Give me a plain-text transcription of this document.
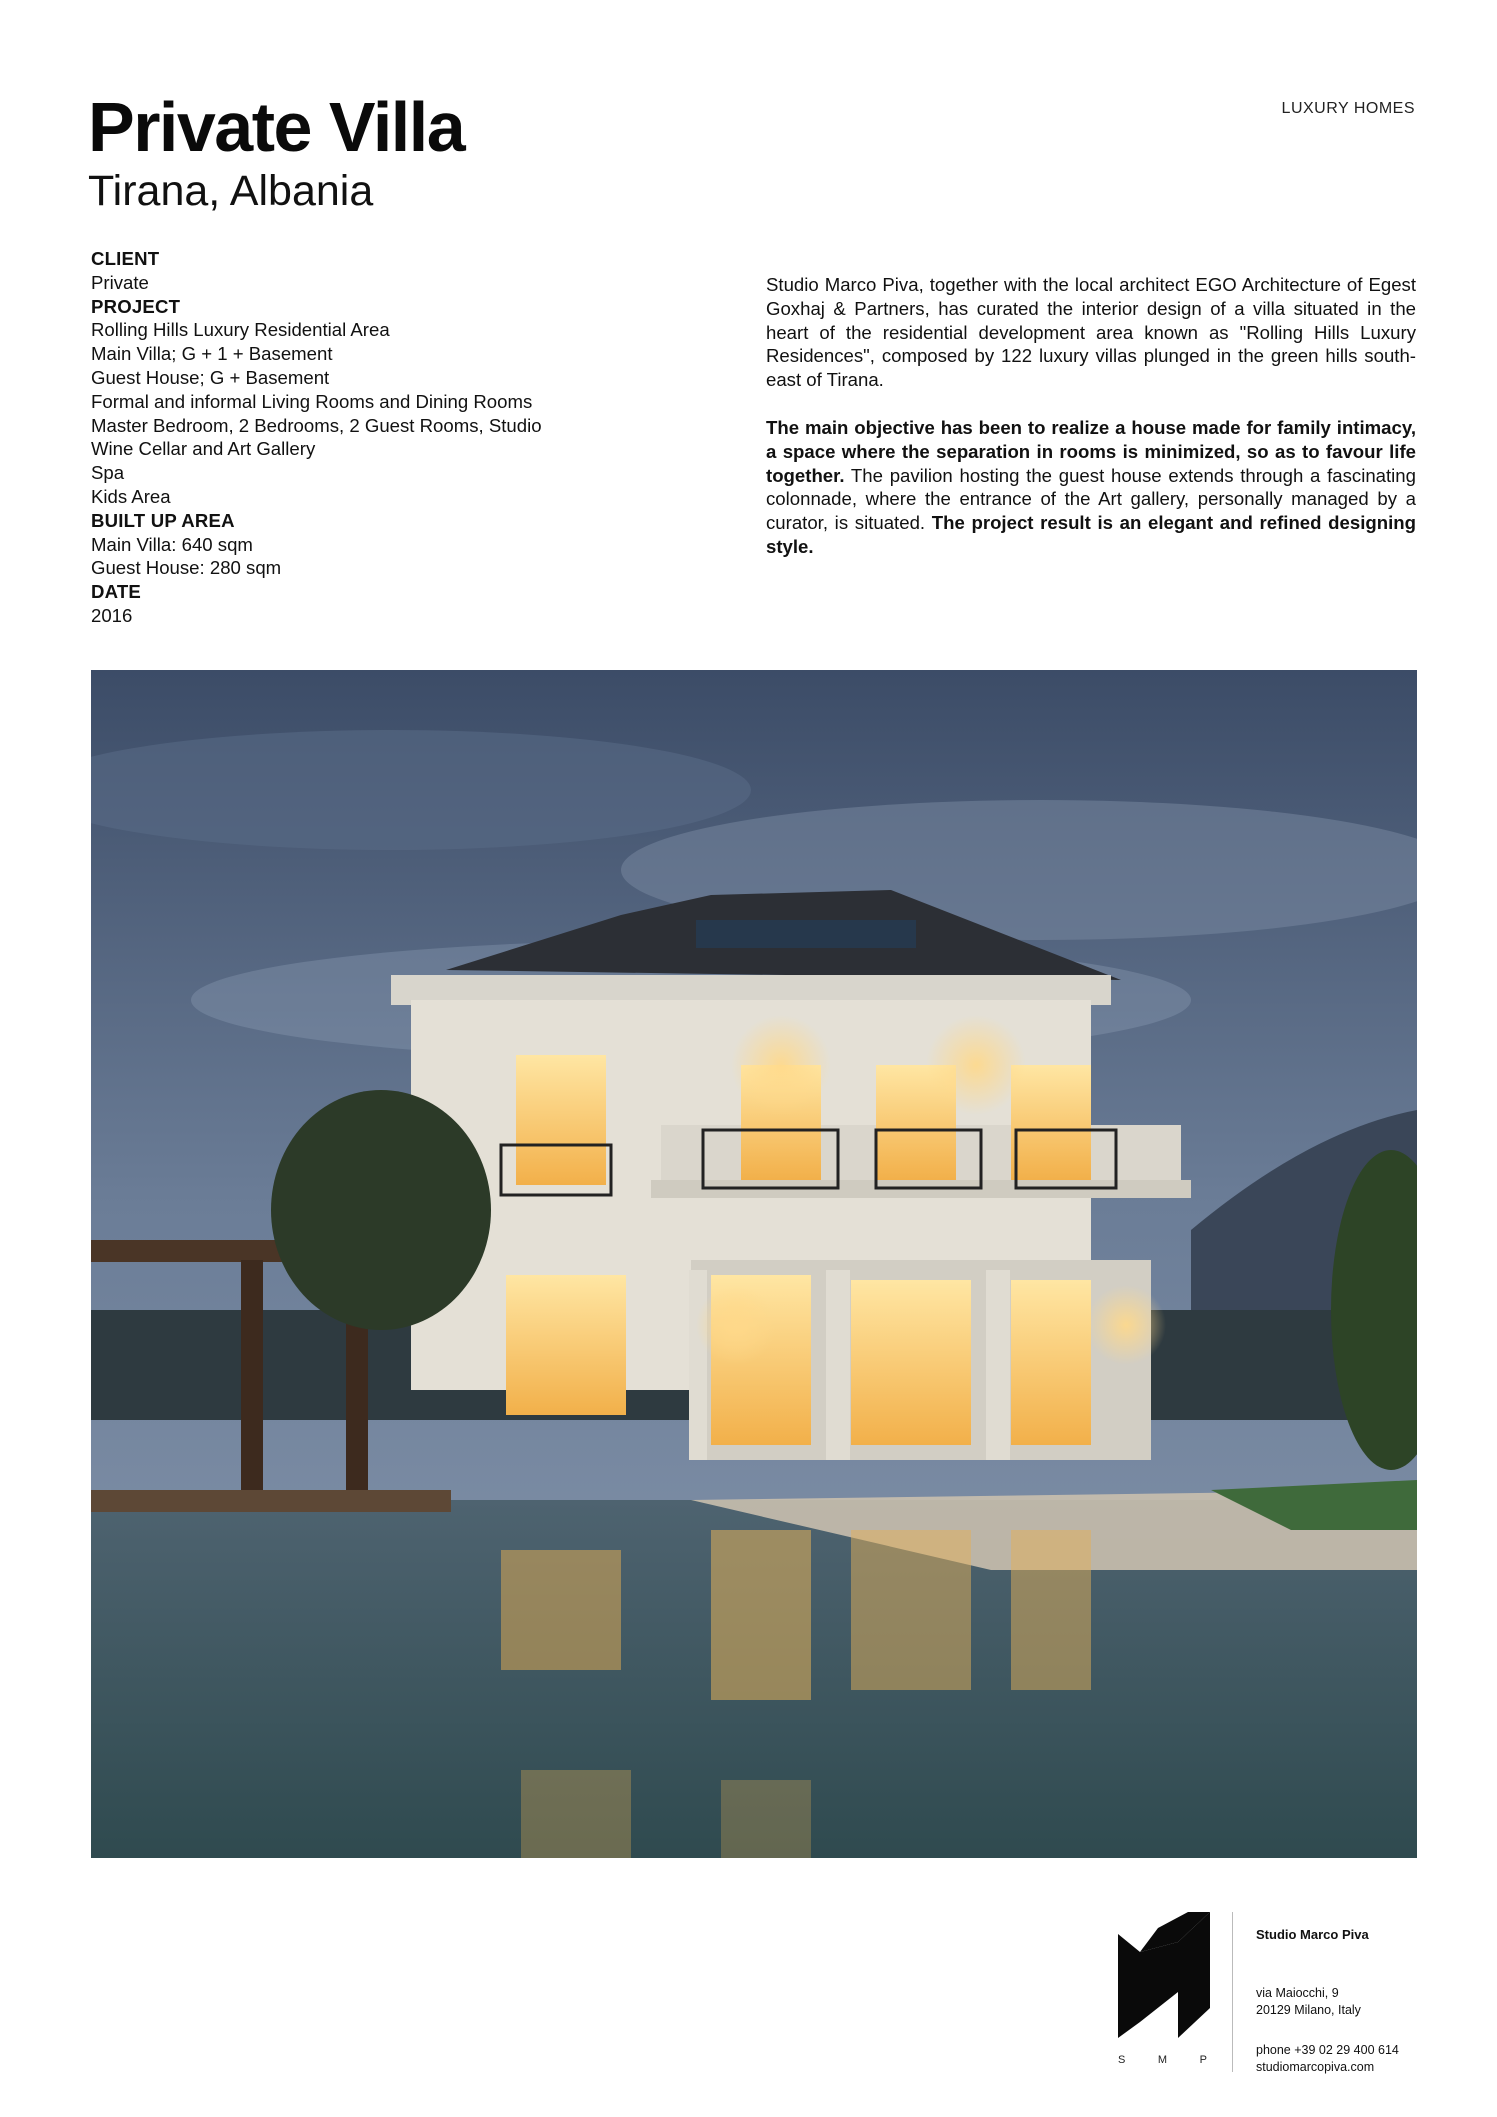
Private Villa
Tirana, Albania
LUXURY HOMES
CLIENT
Private
PROJECT
Rolling Hills Luxury Residential Area
Main Villa; G + 1 + Basement
Guest House; G + Basement
Formal and informal Living Rooms and Dining Rooms
Master Bedroom, 2 Bedrooms, 2 Guest Rooms, Studio
Wine Cellar and Art Gallery
Spa
Kids Area
BUILT UP AREA
Main Villa: 640 sqm
Guest House: 280 sqm
DATE
2016

Studio Marco Piva, together with the local architect EGO Architecture of Egest Goxhaj & Partners, has curated the interior design of a villa situated in the heart of the residential development area known as "Rolling Hills Luxury Residences", composed by 122 luxury villas plunged in the green hills south-east of Tirana.

The main objective has been to realize a house made for family intimacy, a space where the separation in rooms is minimized, so as to favour life together. The pavilion hosting the guest house extends through a fascinating colonnade, where the entrance of the Art gallery, personally managed by a curator, is situated. The project result is an elegant and refined designing style.

S	M	P
Studio Marco Piva
via Maiocchi, 9
20129 Milano, Italy
phone +39 02 29 400 614
studiomarcopiva.com
